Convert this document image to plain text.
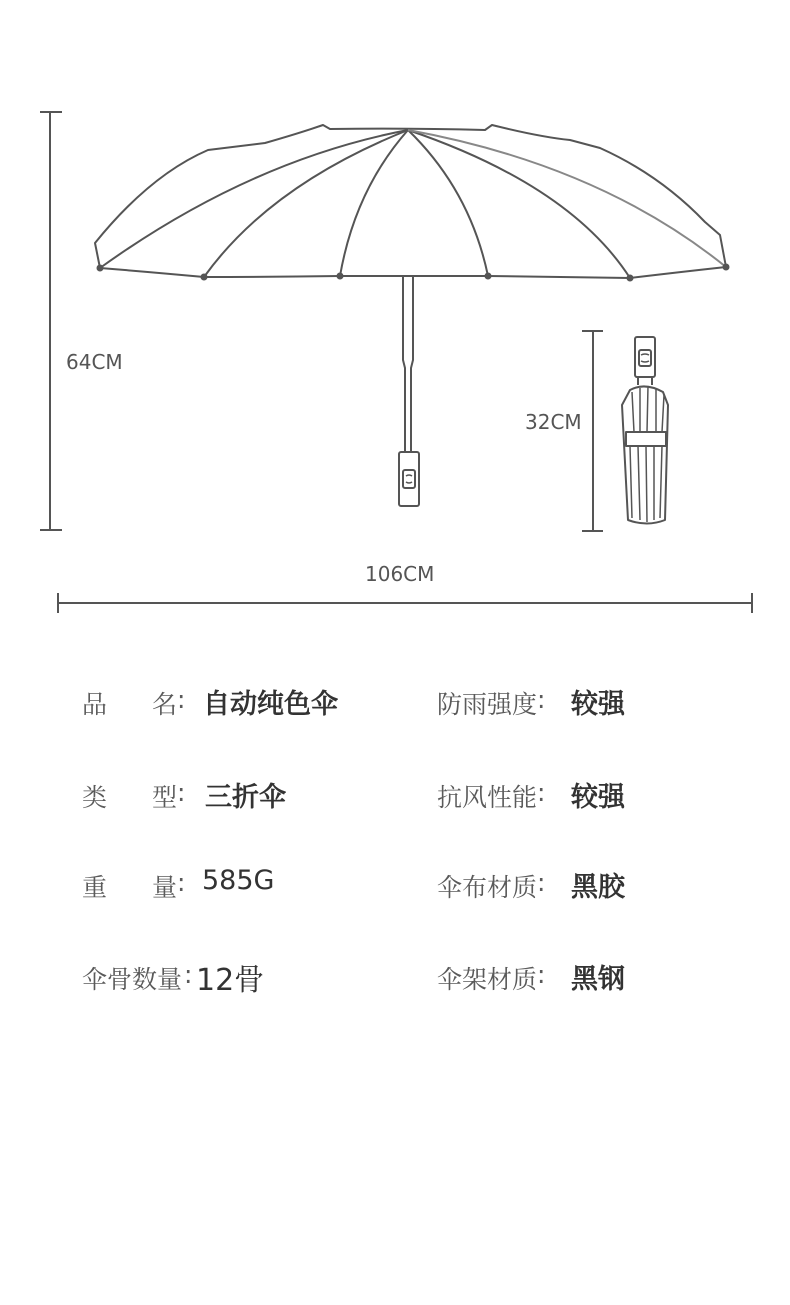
64CM
32CM
106CM
品 名 : 自动纯色伞	防雨强度 : 较强
类 型 : 三折伞	抗风性能 : 较强
重 量 : 585G	伞布材质 : 黑胶
伞骨数量 : 12骨	伞架材质 : 黑钢
